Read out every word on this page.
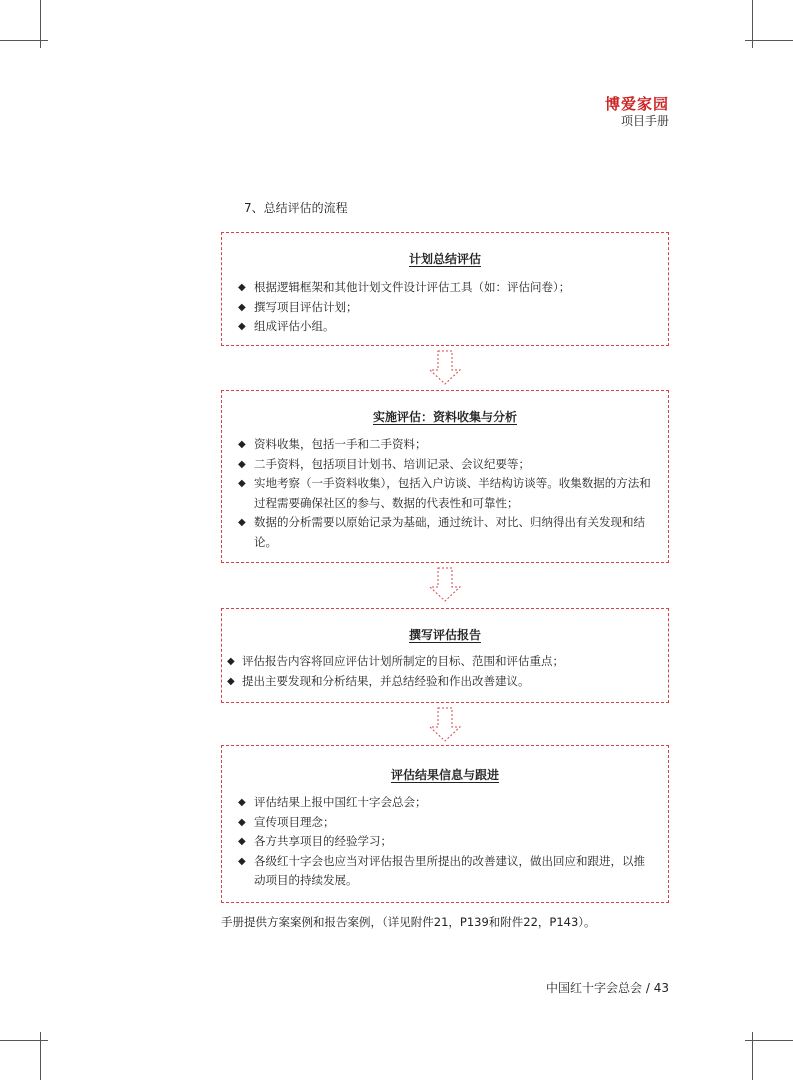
博爱家园
项目手册
7、总结评估的流程
计划总结评估
◆ 根据逻辑框架和其他计划文件设计评估工具（如：评估问卷）；
◆ 撰写项目评估计划；
◆ 组成评估小组。
实施评估：资料收集与分析
◆ 资料收集，包括一手和二手资料；
◆ 二手资料，包括项目计划书、培训记录、会议纪要等；
◆ 实地考察（一手资料收集），包括入户访谈、半结构访谈等。收集数据的方法和过程需要确保社区的参与、数据的代表性和可靠性；
◆ 数据的分析需要以原始记录为基础，通过统计、对比、归纳得出有关发现和结论。
撰写评估报告
◆ 评估报告内容将回应评估计划所制定的目标、范围和评估重点；
◆ 提出主要发现和分析结果，并总结经验和作出改善建议。
评估结果信息与跟进
◆ 评估结果上报中国红十字会总会；
◆ 宣传项目理念；
◆ 各方共享项目的经验学习；
◆ 各级红十字会也应当对评估报告里所提出的改善建议，做出回应和跟进，以推动项目的持续发展。
手册提供方案案例和报告案例，（详见附件21，P139和附件22，P143）。
中国红十字会总会 / 43
